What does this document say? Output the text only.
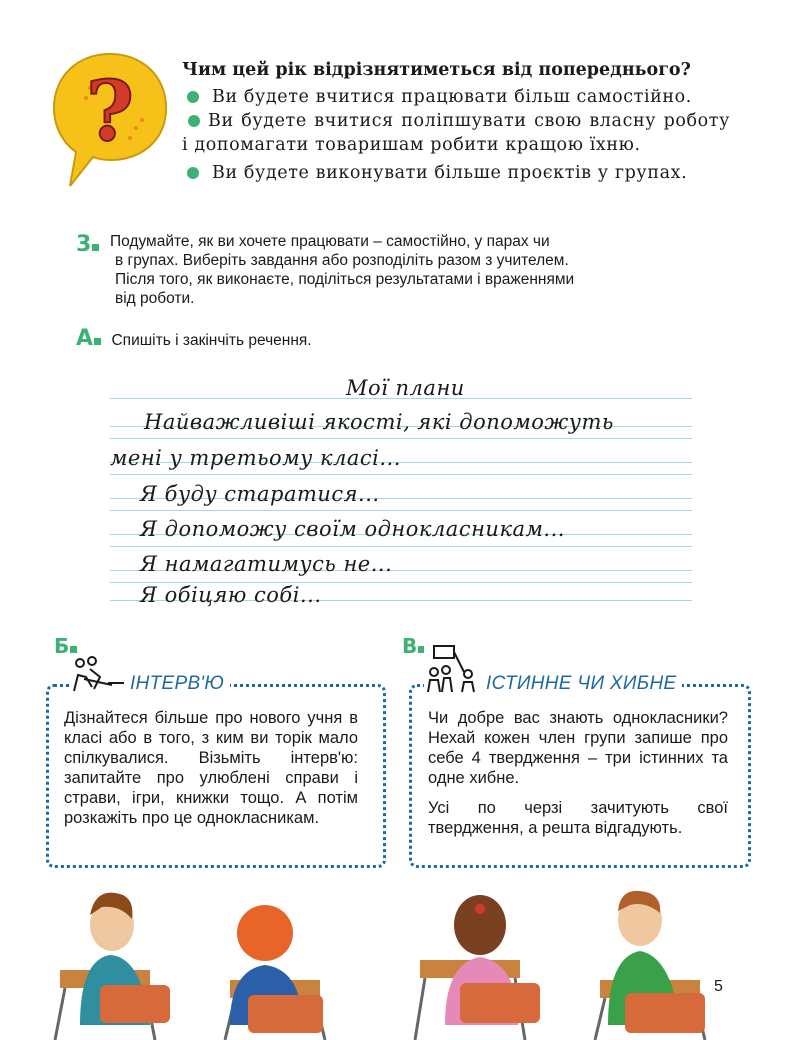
?	Чим цей рік відрізнятиметься від попереднього?
Ви будете вчитися працювати більш самостійно.
Ви будете вчитися поліпшувати свою власну роботу і допомагати товаришам робити кращою їхню.
Ви будете виконувати більше проєктів у групах.
3	Подумайте, як ви хочете працювати – самостійно, у парах чи
в групах. Виберіть завдання або розподіліть разом з учителем.
Після того, як виконаєте, поділіться результатами і враженнями
від роботи.
А Спишіть і закінчіть речення.
Мої плани
Найважливіші якості, які допоможуть
мені у третьому класі...
Я буду старатися...
Я допоможу своїм однокласникам...
Я намагатимусь не...
Я обіцяю собі...
Б
ІНТЕРВ'Ю
Дізнайтеся більше про нового учня в класі або в того, з ким ви торік мало спілкувалися. Візьміть інтерв'ю: запитайте про улюблені справи і страви, ігри, книжки тощо. А потім розкажіть про це однокласникам.
В
ІСТИННЕ ЧИ ХИБНЕ

Чи добре вас знають однокласники? Нехай кожен член групи запише про себе 4 твердження – три істинних та одне хибне.

Усі по черзі зачитують свої твердження, а решта відгадують.

5
